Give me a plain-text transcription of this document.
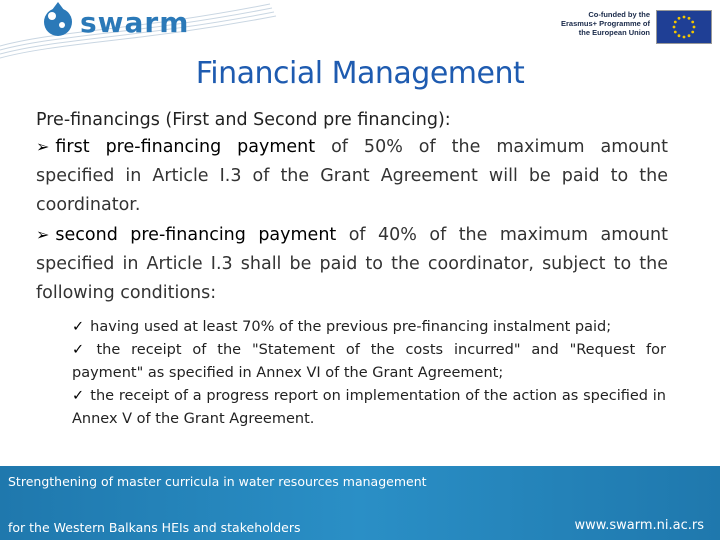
swarm	Co-funded by the Erasmus+ Programme of the European Union
Financial Management

Pre-financings (First and Second pre financing):

➢ first pre-financing payment of 50% of the maximum amount specified in Article I.3 of the Grant Agreement will be paid to the coordinator.

➢ second pre-financing payment of 40% of the maximum amount specified in Article I.3 shall be paid to the coordinator, subject to the following conditions:

✓ having used at least 70% of the previous pre-financing instalment paid;

✓ the receipt of the "Statement of the costs incurred" and "Request for payment" as specified in Annex VI of the Grant Agreement;

✓ the receipt of a progress report on implementation of the action as specified in Annex V of the Grant Agreement.

Strengthening of master curricula in water resources management
for the Western Balkans HEIs and stakeholders	www.swarm.ni.ac.rs
